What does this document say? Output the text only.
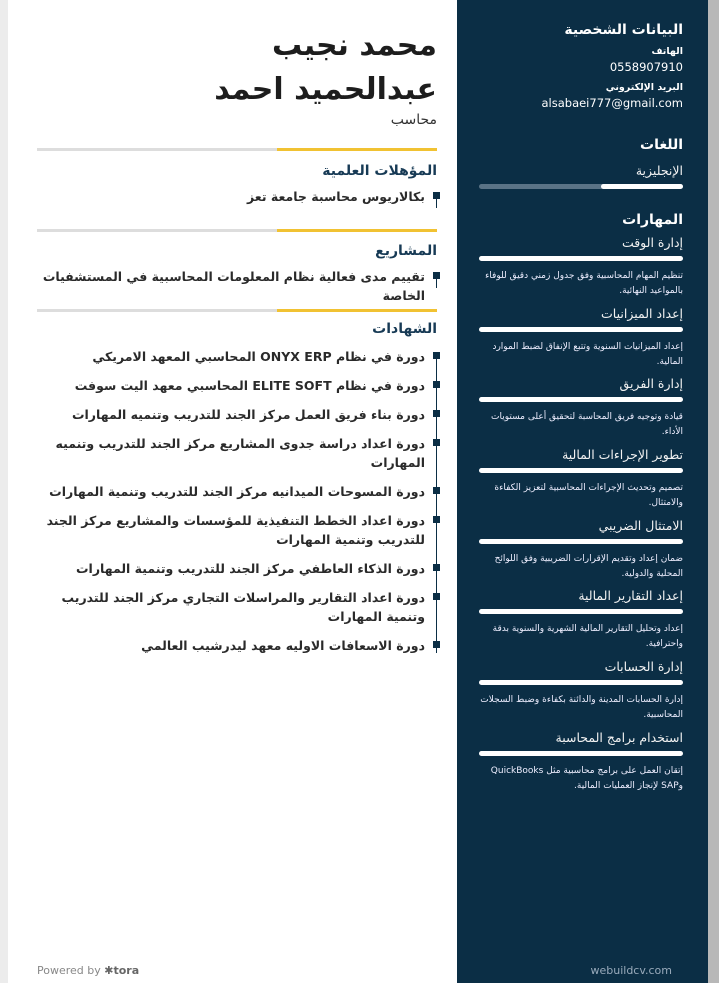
محمد نجيب
عبدالحميد احمد
محاسب
المؤهلات العلمية
بكالاريوس محاسبة جامعة تعز
المشاريع
تقييم مدى فعالية نظام المعلومات المحاسبية في المستشفيات الخاصة
الشهادات
دورة في نظام ONYX ERP المحاسبي المعهد الامريكي
دورة في نظام ELITE SOFT المحاسبي معهد اليت سوفت
دورة بناء فريق العمل مركز الجند للتدريب وتنميه المهارات
دورة اعداد دراسة جدوى المشاريع مركز الجند للتدريب وتنميه المهارات
دورة المسوحات الميدانيه مركز الجند للتدريب وتنمية المهارات
دورة اعداد الخطط التنفيذية للمؤسسات والمشاريع مركز الجند للتدريب وتنمية المهارات
دورة الذكاء العاطفي مركز الجند للتدريب وتنمية المهارات
دورة اعداد التقارير والمراسلات التجاري مركز الجند للتدريب وتنمية المهارات
دورة الاسعافات الاوليه معهد ليدرشيب العالمي
البيانات الشخصية
الهاتف
0558907910
البريد الإلكتروني
alsabaei777@gmail.com
اللغات
الإنجليزية
المهارات
إدارة الوقت
تنظيم المهام المحاسبية وفق جدول زمني دقيق للوفاء بالمواعيد النهائية.
إعداد الميزانيات
إعداد الميزانيات السنوية وتتبع الإنفاق لضبط الموارد المالية.
إدارة الفريق
قيادة وتوجيه فريق المحاسبة لتحقيق أعلى مستويات الأداء.
تطوير الإجراءات المالية
تصميم وتحديث الإجراءات المحاسبية لتعزيز الكفاءة والامتثال.
الامتثال الضريبي
ضمان إعداد وتقديم الإقرارات الضريبية وفق اللوائح المحلية والدولية.
إعداد التقارير المالية
إعداد وتحليل التقارير المالية الشهرية والسنوية بدقة واحترافية.
إدارة الحسابات
إدارة الحسابات المدينة والدائنة بكفاءة وضبط السجلات المحاسبية.
استخدام برامج المحاسبة
إتقان العمل على برامج محاسبية مثل QuickBooks وSAP لإنجاز العمليات المالية.
webuildcv.com
Powered by ✱tora
